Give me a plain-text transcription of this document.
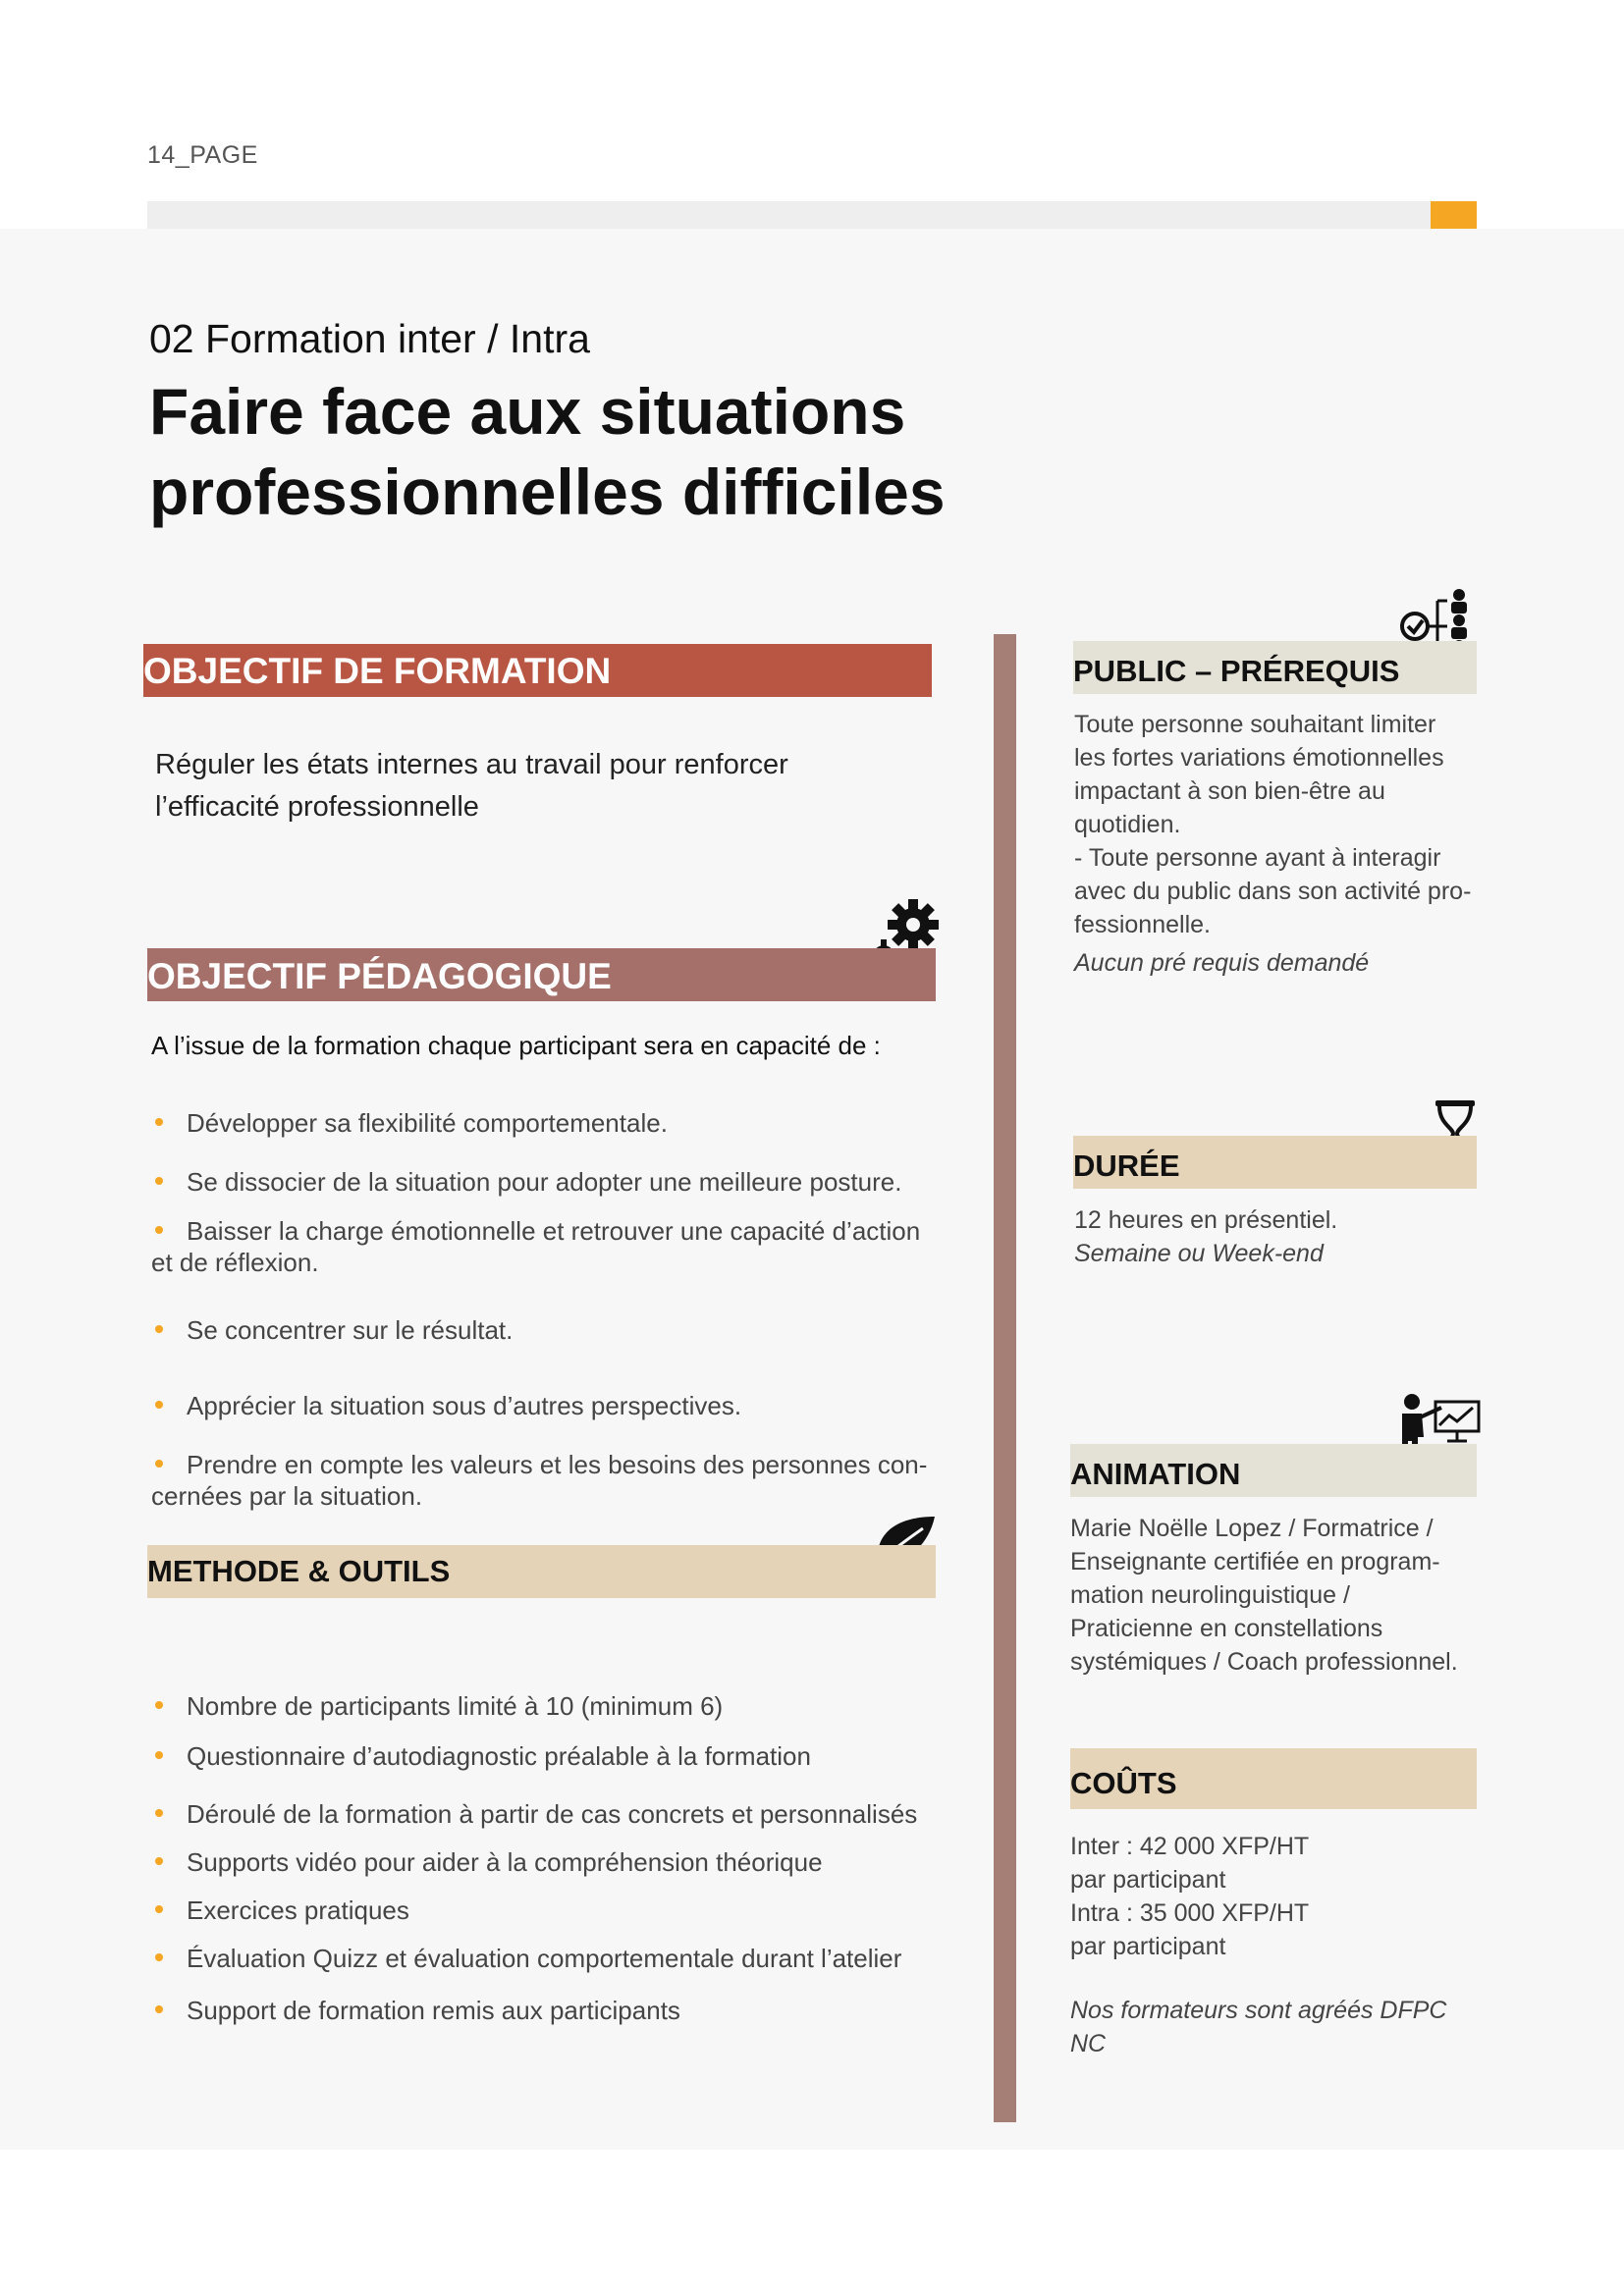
14_PAGE
02 Formation inter / Intra
Faire face aux situations
professionnelles difficiles
OBJECTIF DE FORMATION
Réguler les états internes au travail pour renforcer
l’efficacité professionnelle
OBJECTIF PÉDAGOGIQUE
A l’issue de la formation chaque participant sera en capacité de :
Développer sa flexibilité comportementale.
Se dissocier de la situation pour adopter une meilleure posture.
Baisser la charge émotionnelle et retrouver une capacité d’action
et de réflexion.
Se concentrer sur le résultat.
Apprécier la situation sous d’autres perspectives.
Prendre en compte les valeurs et les besoins des personnes con-
cernées par la situation.
METHODE & OUTILS
Nombre de participants limité à 10 (minimum 6)
Questionnaire d’autodiagnostic préalable à la formation
Déroulé de la formation à partir de cas concrets et personnalisés
Supports vidéo pour aider à la compréhension théorique
Exercices pratiques
Évaluation Quizz et évaluation comportementale durant l’atelier
Support de formation remis aux participants
PUBLIC – PRÉREQUIS
Toute personne souhaitant limiter
les fortes variations émotionnelles
impactant à son bien-être au
quotidien.
- Toute personne ayant à interagir
avec du public dans son activité pro-
fessionnelle.
Aucun pré requis demandé
DURÉE
12 heures en présentiel.
Semaine ou Week-end
ANIMATION
Marie Noëlle Lopez / Formatrice /
Enseignante certifiée en program-
mation neurolinguistique /
Praticienne en constellations
systémiques / Coach professionnel.
COÛTS
Inter : 42 000 XFP/HT
par participant
Intra : 35 000 XFP/HT
par participant
Nos formateurs sont agréés DFPC NC
